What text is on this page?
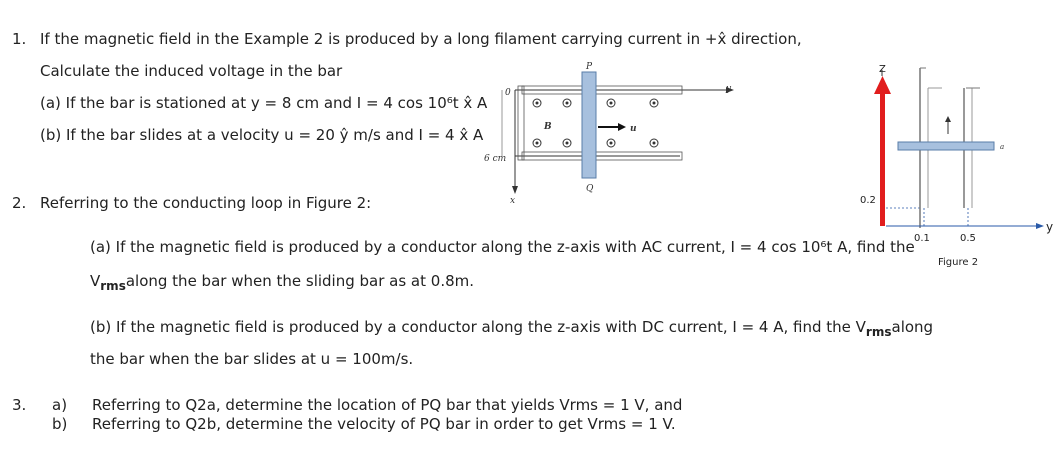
1. If the magnetic field in the Example 2 is produced by a long filament carrying current in +x̂ direction,
Calculate the induced voltage in the bar
(a) If the bar is stationed at y = 8 cm and I = 4 cos 10⁶t x̂ A
(b) If the bar slides at a velocity u = 20 ŷ m/s and I = 4 x̂ A
P
Q
0	y
x
B	u
6 cm
Z
y
0.2
0.1	0.5
Figure 2
a
2. Referring to the conducting loop in Figure 2:
(a) If the magnetic field is produced by a conductor along the z-axis with AC current, I = 4 cos 10⁶t A, find the
$V_{rms}along$ the bar when the sliding bar as at 0.8m.
(b) If the magnetic field is produced by a conductor along the z-axis with DC current, I = 4 A, find the $V_{rms}along$
the bar when the bar slides at u = 100m/s.
3. a) Referring to Q2a, determine the location of PQ bar that yields Vrms = 1 V, and
b) Referring to Q2b, determine the velocity of PQ bar in order to get Vrms = 1 V.
